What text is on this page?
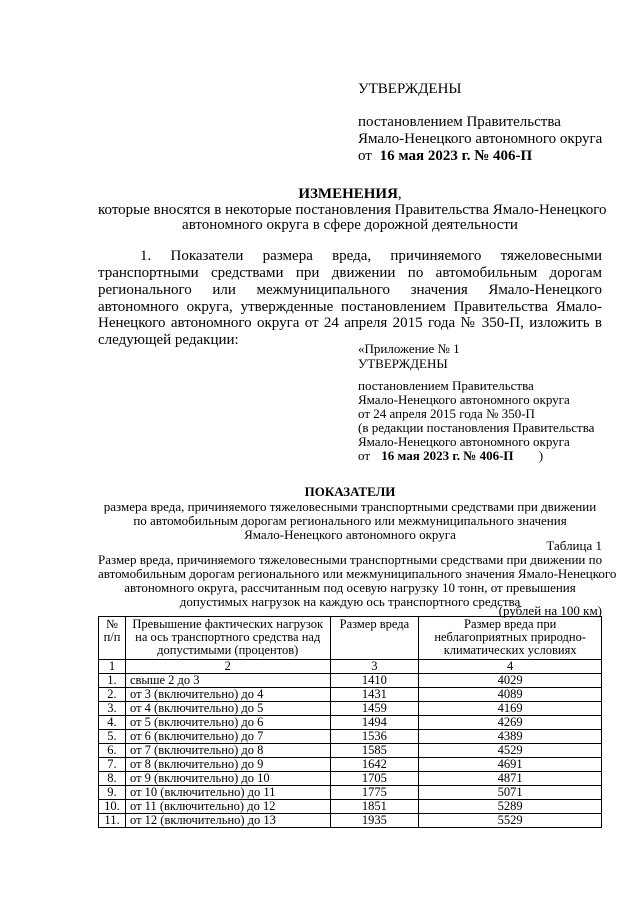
УТВЕРЖДЕНЫ
постановлением Правительства
Ямало-Ненецкого автономного округа
от 16 мая 2023 г. № 406-П
ИЗМЕНЕНИЯ,
которые вносятся в некоторые постановления Правительства Ямало-Ненецкого
автономного округа в сфере дорожной деятельности
1. Показатели размера вреда, причиняемого тяжеловесными
транспортными средствами при движении по автомобильным дорогам
регионального или межмуниципального значения Ямало-Ненецкого
автономного округа, утвержденные постановлением Правительства Ямало-
Ненецкого автономного округа от 24 апреля 2015 года № 350-П, изложить в
следующей редакции:
«Приложение № 1
УТВЕРЖДЕНЫ
постановлением Правительства
Ямало-Ненецкого автономного округа
от 24 апреля 2015 года № 350-П
(в редакции постановления Правительства
Ямало-Ненецкого автономного округа
от 16 мая 2023 г. № 406-П )
ПОКАЗАТЕЛИ
размера вреда, причиняемого тяжеловесными транспортными средствами при движении
по автомобильным дорогам регионального или межмуниципального значения
Ямало-Ненецкого автономного округа
Таблица 1
Размер вреда, причиняемого тяжеловесными транспортными средствами при движении по
автомобильным дорогам регионального или межмуниципального значения Ямало-Ненецкого
автономного округа, рассчитанным под осевую нагрузку 10 тонн, от превышения
допустимых нагрузок на каждую ось транспортного средства
(рублей на 100 км)
№ п/п	Превышение фактических нагрузок на ось транспортного средства над допустимыми (процентов)	Размер вреда	Размер вреда при неблагоприятных природно-климатических условиях
1	2	3	4
1.	свыше 2 до 3	1410	4029
2.	от 3 (включительно) до 4	1431	4089
3.	от 4 (включительно) до 5	1459	4169
4.	от 5 (включительно) до 6	1494	4269
5.	от 6 (включительно) до 7	1536	4389
6.	от 7 (включительно) до 8	1585	4529
7.	от 8 (включительно) до 9	1642	4691
8.	от 9 (включительно) до 10	1705	4871
9.	от 10 (включительно) до 11	1775	5071
10.	от 11 (включительно) до 12	1851	5289
11.	от 12 (включительно) до 13	1935	5529
